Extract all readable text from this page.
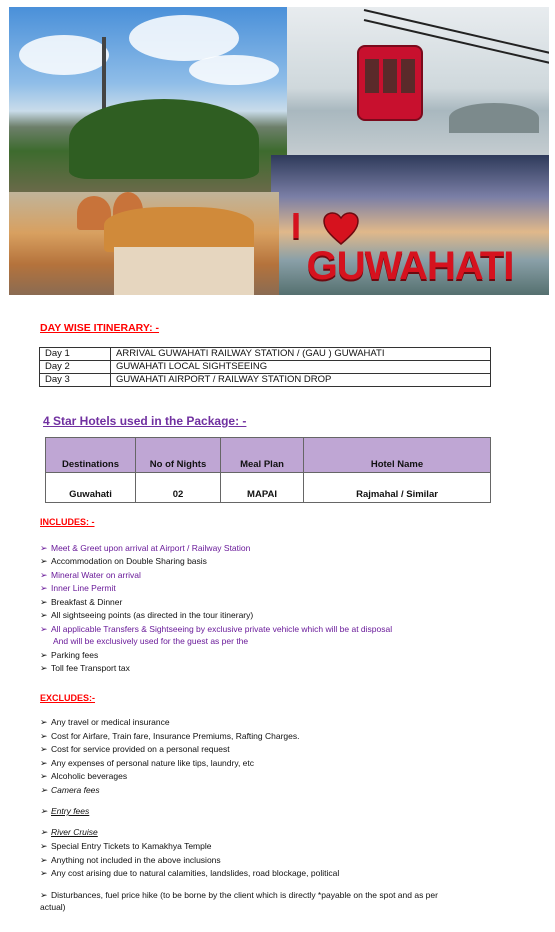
I
GUWAHATI
DAY WISE ITINERARY: -
Day 1	ARRIVAL GUWAHATI RAILWAY STATION / (GAU ) GUWAHATI
Day 2	GUWAHATI LOCAL SIGHTSEEING
Day 3	GUWAHATI AIRPORT / RAILWAY STATION DROP
4 Star Hotels used in the Package: -
Destinations	No of Nights	Meal Plan	Hotel Name
Guwahati	02	MAPAI	Rajmahal / Similar
INCLUDES: -
➢ Meet & Greet upon arrival at Airport / Railway Station
➢ Accommodation on Double Sharing basis
➢ Mineral Water on arrival
➢ Inner Line Permit
➢ Breakfast & Dinner
➢ All sightseeing points (as directed in the tour itinerary)
➢ All applicable Transfers & Sightseeing by exclusive private vehicle which will be at disposal
And will be exclusively used for the guest as per the
➢ Parking fees
➢ Toll fee Transport tax
EXCLUDES:-
➢ Any travel or medical insurance
➢ Cost for Airfare, Train fare, Insurance Premiums, Rafting Charges.
➢ Cost for service provided on a personal request
➢ Any expenses of personal nature like tips, laundry, etc
➢ Alcoholic beverages
➢ Camera fees
➢ Entry fees
➢ River Cruise
➢ Special Entry Tickets to Kamakhya Temple
➢ Anything not included in the above inclusions
➢ Any cost arising due to natural calamities, landslides, road blockage, political
➢ Disturbances, fuel price hike (to be borne by the client which is directly *payable on the spot and as per
actual)
